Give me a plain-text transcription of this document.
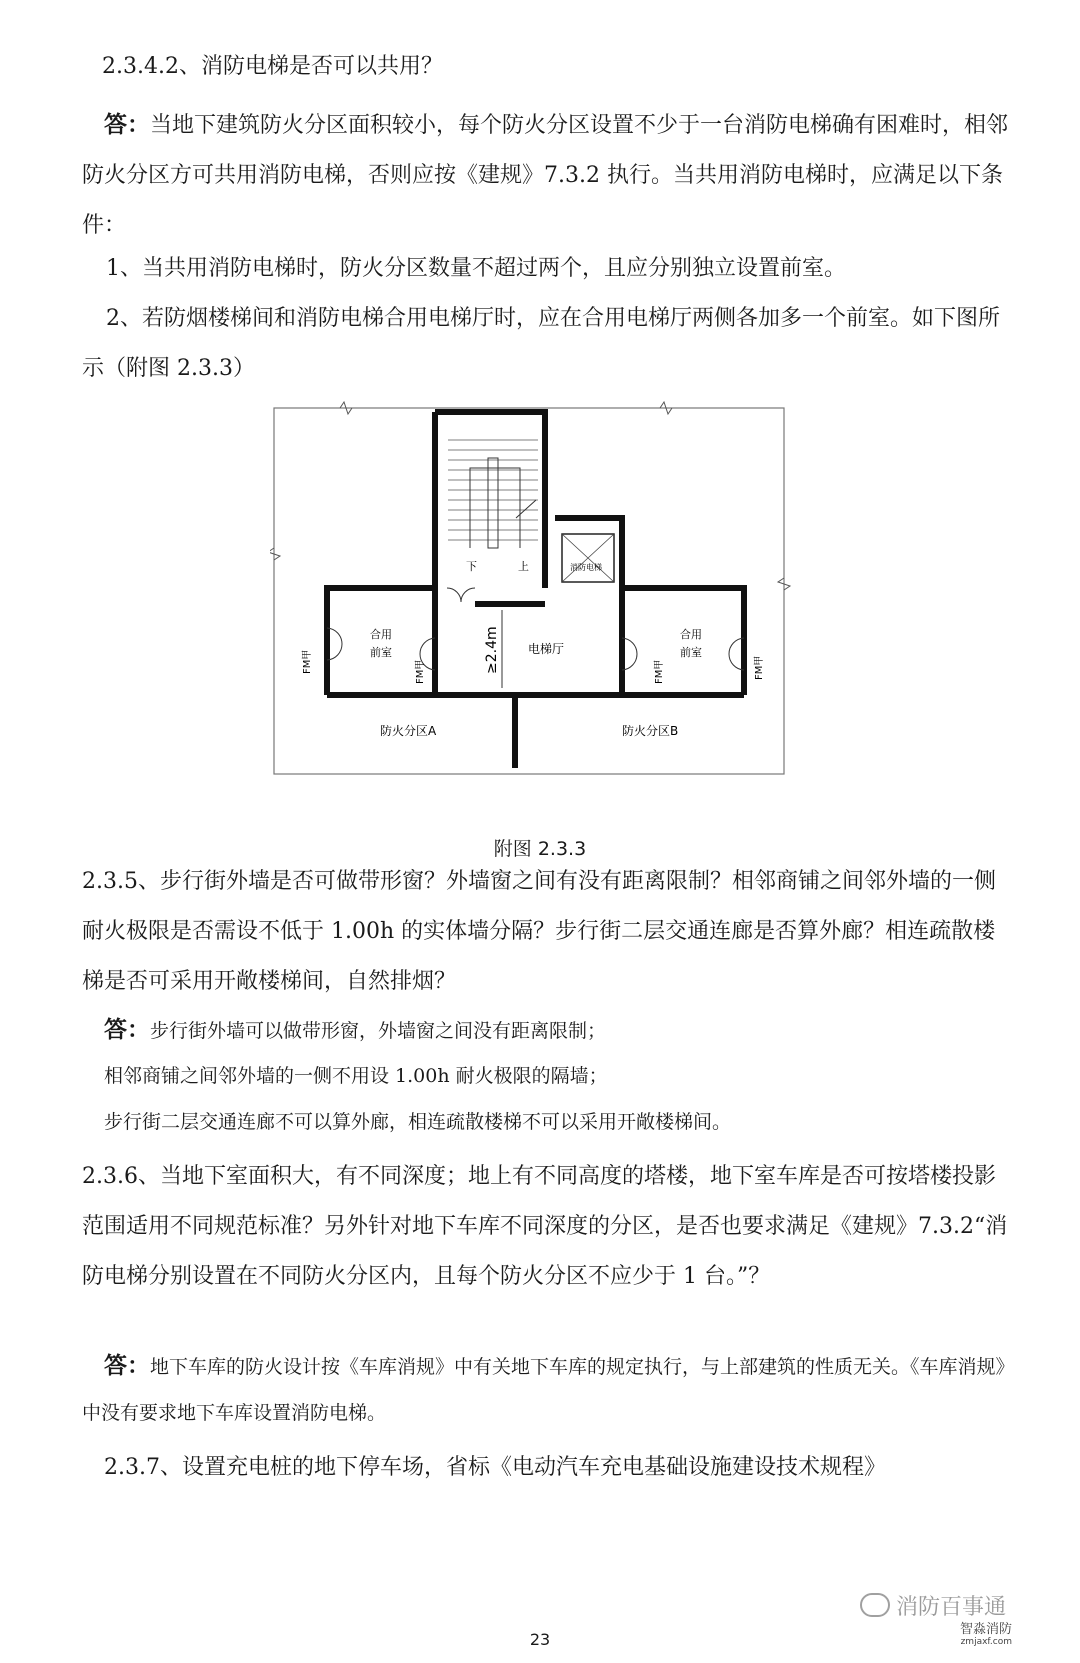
2.3.4.2、消防电梯是否可以共用？

答：当地下建筑防火分区面积较小，每个防火分区设置不少于一台消防电梯确有困难时，相邻防火分区方可共用消防电梯，否则应按《建规》7.3.2 执行。当共用消防电梯时，应满足以下条件：

1、当共用消防电梯时，防火分区数量不超过两个，且应分别独立设置前室。

2、若防烟楼梯间和消防电梯合用电梯厅时，应在合用电梯厅两侧各加多一个前室。如下图所示（附图 2.3.3）

下	上	消防电梯
≥2.4m 电梯厅
合用
前室
FM甲	FM甲
合用
前室
FM甲	FM甲
防火分区A	防火分区B
附图 2.3.3

2.3.5、步行街外墙是否可做带形窗？外墙窗之间有没有距离限制？相邻商铺之间邻外墙的一侧耐火极限是否需设不低于 1.00h 的实体墙分隔？步行街二层交通连廊是否算外廊？相连疏散楼梯是否可采用开敞楼梯间，自然排烟？

答：步行街外墙可以做带形窗，外墙窗之间没有距离限制；

相邻商铺之间邻外墙的一侧不用设 1.00h 耐火极限的隔墙；

步行街二层交通连廊不可以算外廊，相连疏散楼梯不可以采用开敞楼梯间。

2.3.6、当地下室面积大，有不同深度；地上有不同高度的塔楼，地下室车库是否可按塔楼投影范围适用不同规范标准？另外针对地下车库不同深度的分区，是否也要求满足《建规》7.3.2“消防电梯分别设置在不同防火分区内，且每个防火分区不应少于 1 台。”？

答：地下车库的防火设计按《车库消规》中有关地下车库的规定执行，与上部建筑的性质无关。《车库消规》中没有要求地下车库设置消防电梯。

2.3.7、设置充电桩的地下停车场，省标《电动汽车充电基础设施建设技术规程》

消防百事通
智淼消防
zmjaxf.com
23
